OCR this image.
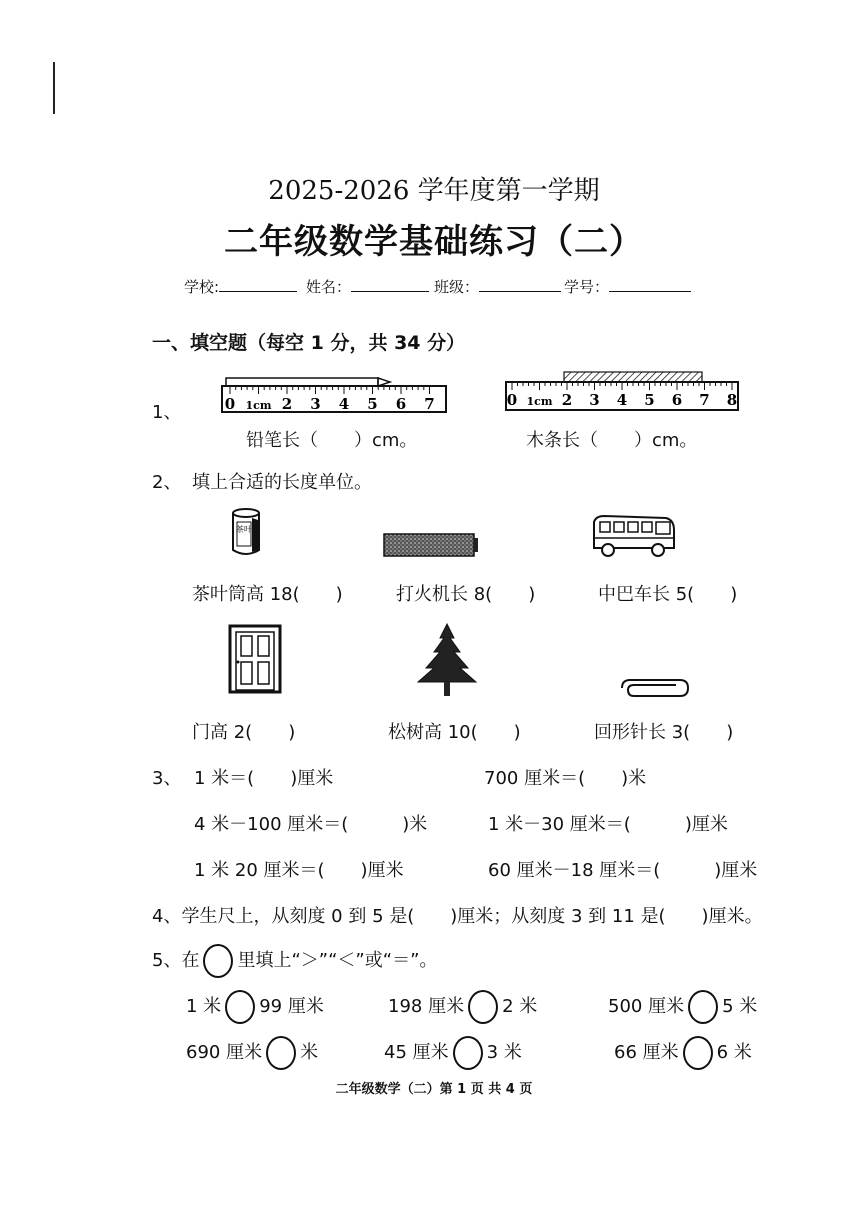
2025-2026 学年度第一学期
二年级数学基础练习（二）
学校:	姓名：	班级：	学号：
一、填空题（每空 1 分，共 34 分）
1、	0 1cm 2 3 4 5 6 7	0 1cm 2 3 4 5 6 7 8
铅笔长（　　）cm。	木条长（　　）cm。
2、 填上合适的长度单位。
茶叶
茶叶筒高 18(　　)	打火机长 8(　　)	中巴车长 5(　　)
门高 2(　　)	松树高 10(　　)	回形针长 3(　　)
3、 1 米＝(　　)厘米	700 厘米＝(　　)米
4 米－100 厘米＝(　　　)米	1 米－30 厘米＝(　　　)厘米
1 米 20 厘米＝(　　)厘米	60 厘米－18 厘米＝(　　　)厘米
4、学生尺上，从刻度 0 到 5 是(　　)厘米；从刻度 3 到 11 是(　　)厘米。
5、在 里填上“＞”“＜”或“＝”。
1 米 99 厘米	198 厘米 2 米	500 厘米 5 米
690 厘米 米	45 厘米 3 米	66 厘米 6 米
二年级数学（二）第 1 页 共 4 页
